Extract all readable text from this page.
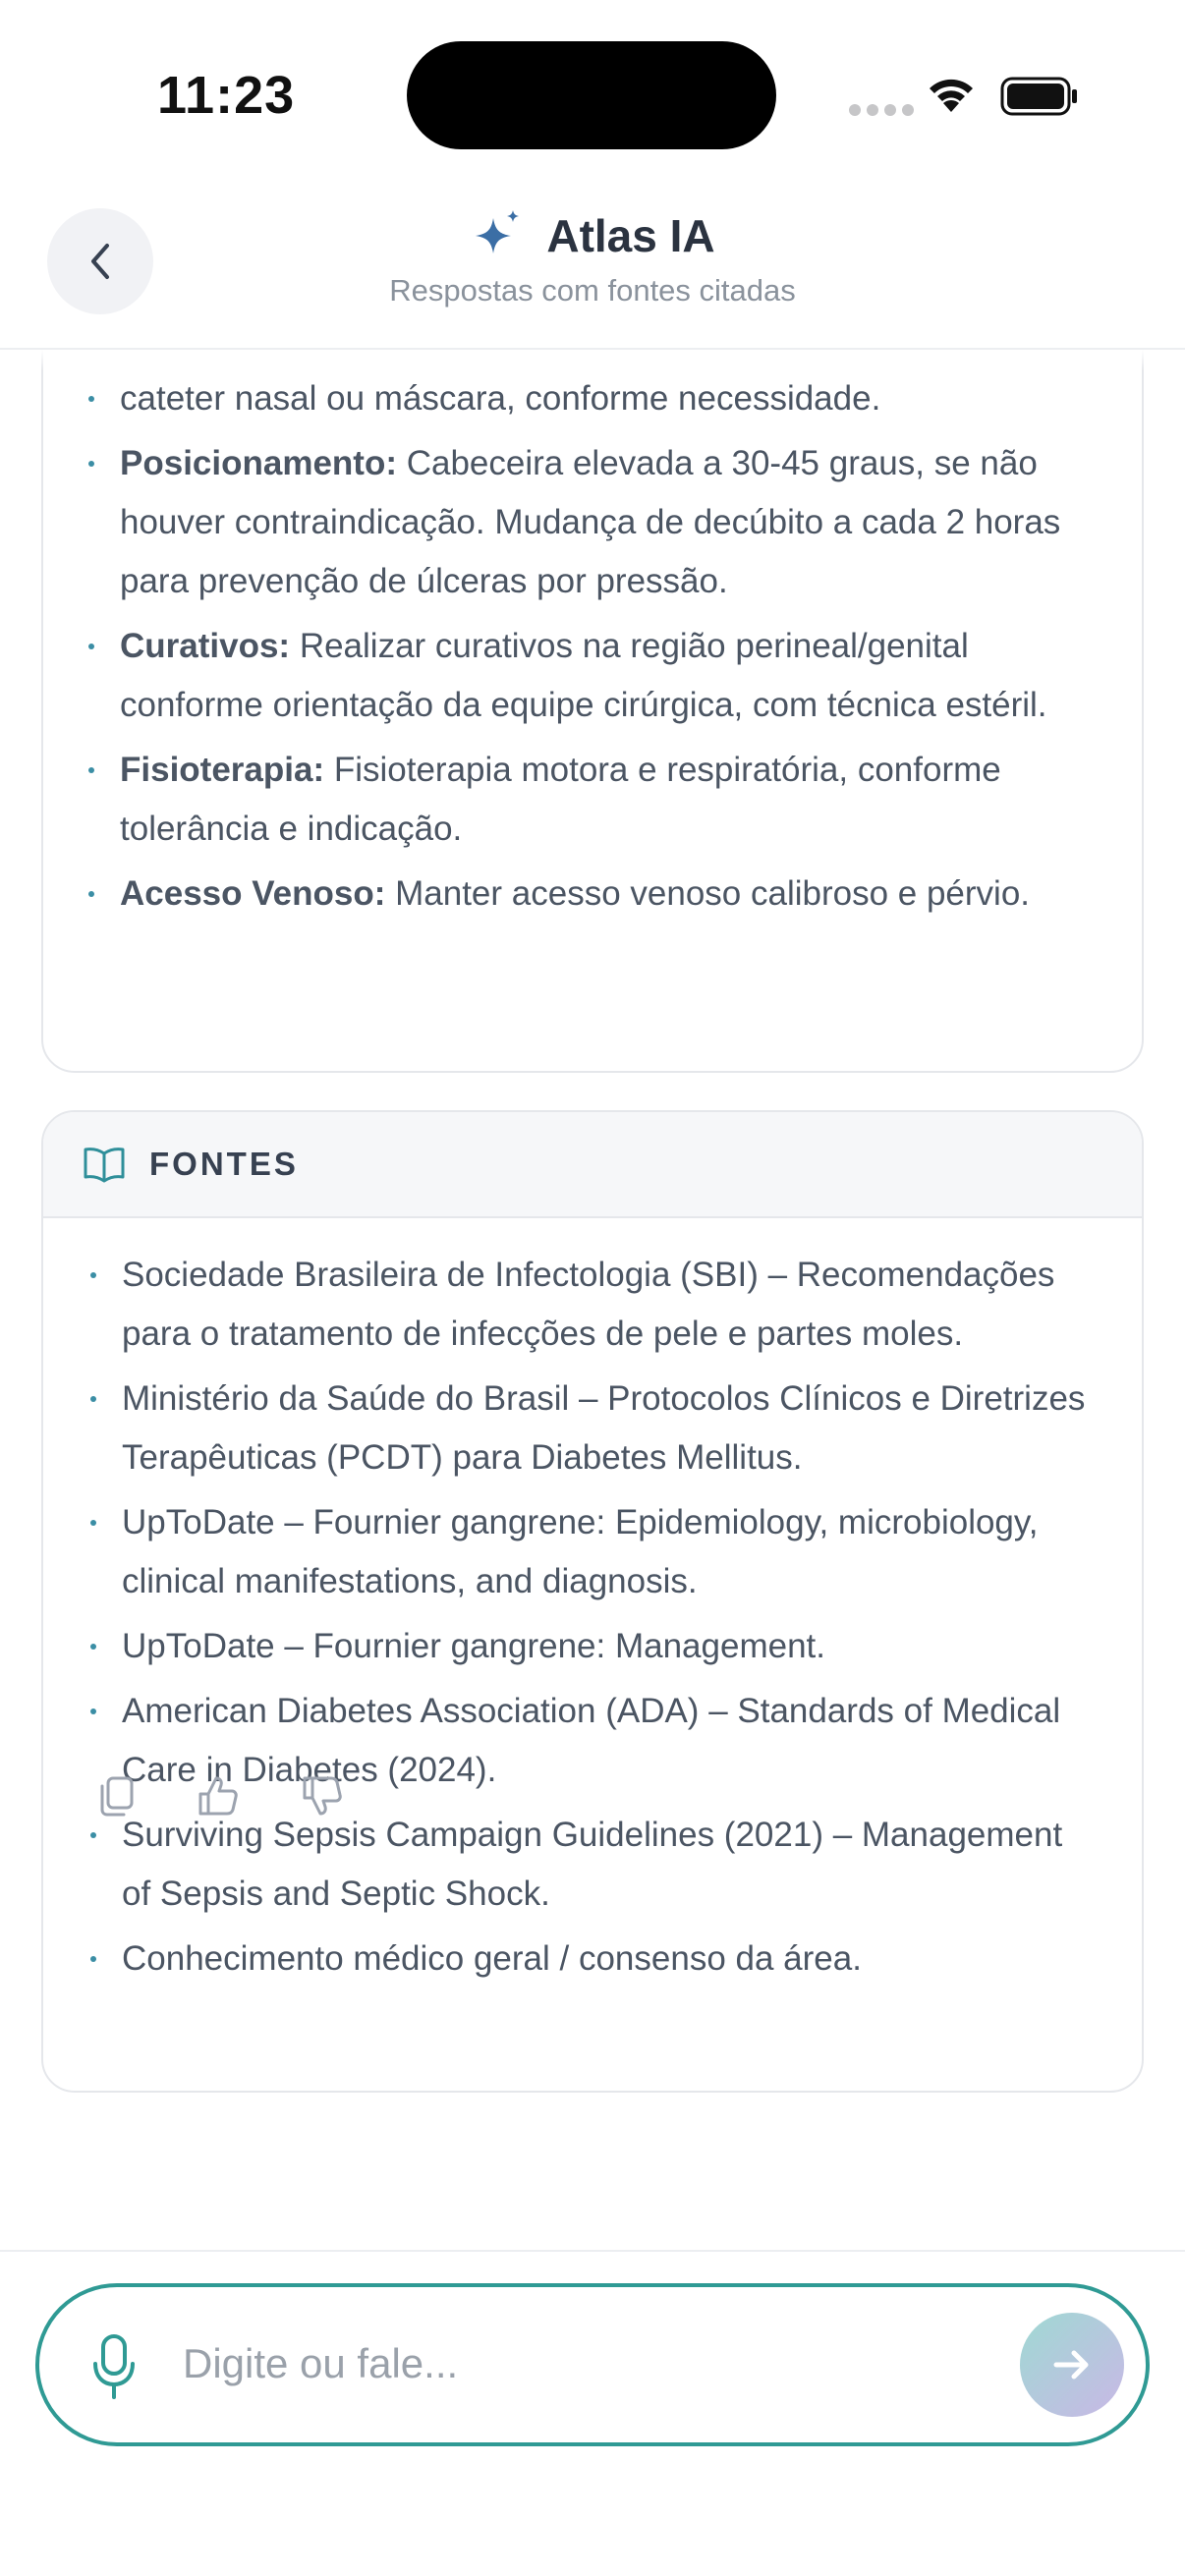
11:23
Atlas IA
Respostas com fontes citadas
cateter nasal ou máscara, conforme necessidade.
Posicionamento: Cabeceira elevada a 30-45 graus, se não houver contraindicação. Mudança de decúbito a cada 2 horas para prevenção de úlceras por pressão.
Curativos: Realizar curativos na região perineal/genital conforme orientação da equipe cirúrgica, com técnica estéril.
Fisioterapia: Fisioterapia motora e respiratória, conforme tolerância e indicação.
Acesso Venoso: Manter acesso venoso calibroso e pérvio.
FONTES
Sociedade Brasileira de Infectologia (SBI) – Recomendações para o tratamento de infecções de pele e partes moles.
Ministério da Saúde do Brasil – Protocolos Clínicos e Diretrizes Terapêuticas (PCDT) para Diabetes Mellitus.
UpToDate – Fournier gangrene: Epidemiology, microbiology, clinical manifestations, and diagnosis.
UpToDate – Fournier gangrene: Management.
American Diabetes Association (ADA) – Standards of Medical Care in Diabetes (2024).
Surviving Sepsis Campaign Guidelines (2021) – Management of Sepsis and Septic Shock.
Conhecimento médico geral / consenso da área.
Digite ou fale...
